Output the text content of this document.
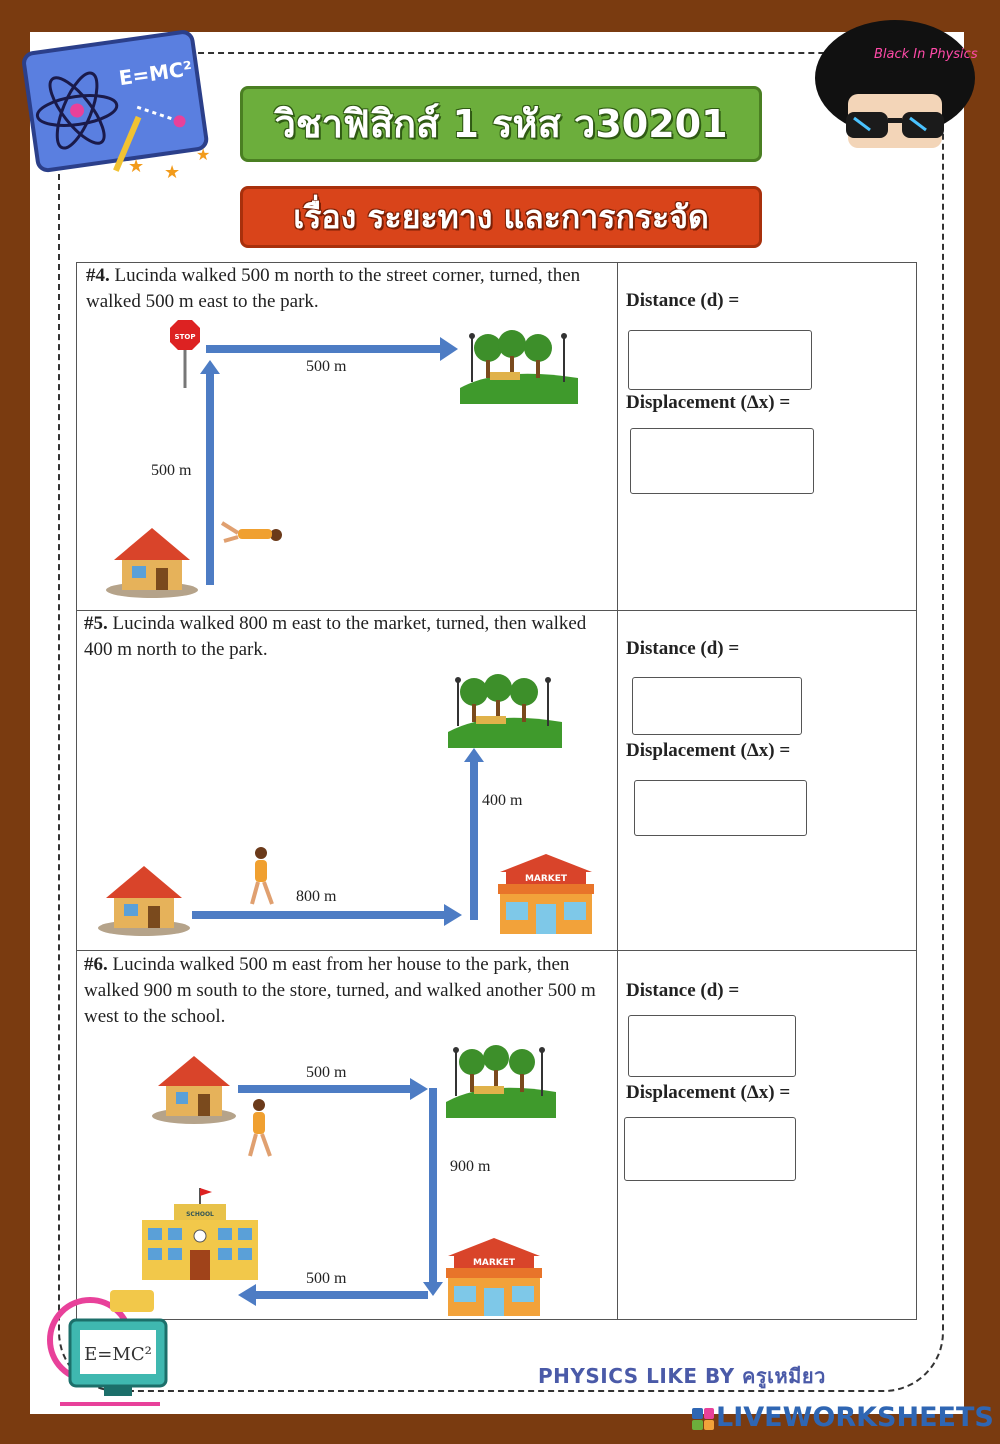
E=MC²
★ ★
★
Black In Physics
วิชาฟิสิกส์ 1 รหัส ว30201
เรื่อง ระยะทาง และการกระจัด
#4. Lucinda walked 500 m north to the street corner, turned, then walked 500 m east to the park.
STOP
500 m
500 m
Distance (d) =
Displacement (Δx) =
#5. Lucinda walked 800 m east to the market, turned, then walked 400 m north to the park.
400 m
800 m
MARKET
Distance (d) =
Displacement (Δx) =
#6. Lucinda walked 500 m east from her house to the park, then walked 900 m south to the store, turned, and walked another 500 m west to the school.
500 m
900 m
SCHOOL
500 m
MARKET
Distance (d) =
Displacement (Δx) =
E=MC²
PHYSICS LIKE BY ครูเหมียว
LIVEWORKSHEETS
